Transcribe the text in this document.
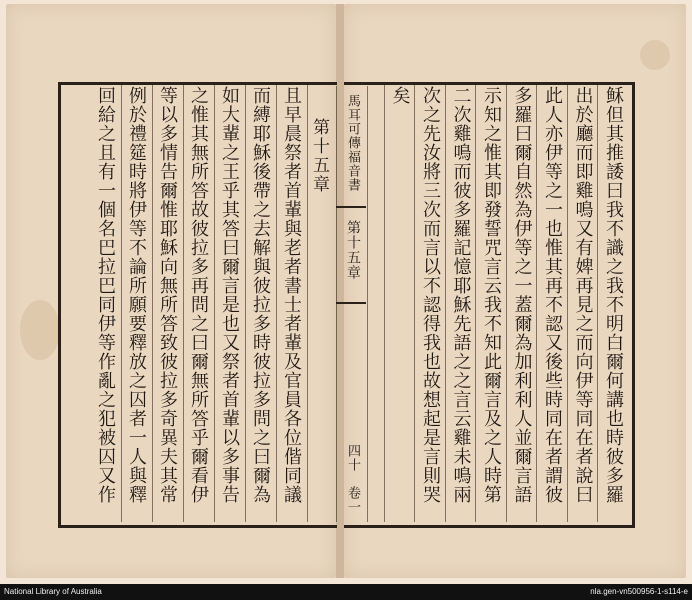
稣但其推諉曰我不識之我不明白爾何講也時彼多羅
出於廳而即雞鳴又有婢再見之而向伊等同在者說曰
此人亦伊等之一也惟其再不認又後些時同在者謂彼
多羅曰爾自然為伊等之一蓋爾為加利利人並爾言語
示知之惟其即發誓咒言云我不知此爾言及之人時第
二次雞鳴而彼多羅記憶耶穌先語之之言云雞未鳴兩
次之先汝將三次而言以不認得我也故想起是言則哭
矣
馬耳可傳福音書
第十五章
四十
卷一
第十五章
且早晨祭者首輩與老者書士者輩及官員各位偕同議
而縛耶穌後帶之去解與彼拉多時彼拉多問之曰爾為
如大輩之王乎其答曰爾言是也又祭者首輩以多事告
之惟其無所答故彼拉多再問之曰爾無所答乎爾看伊
等以多情告爾惟耶穌向無所答致彼拉多奇異夫其常
例於禮筵時將伊等不論所願要釋放之囚者一人與釋
回給之且有一個名巴拉巴同伊等作亂之犯被囚又作
National Library of Australia	nla.gen-vn500956-1-s114-e
